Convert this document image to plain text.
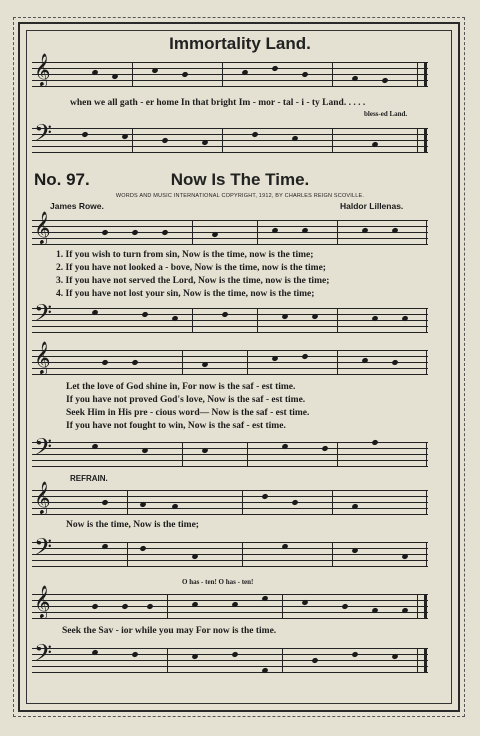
Immortality Land.
𝄞
when we all gath - er home In that bright Im - mor - tal - i - ty Land. . . . .
bless-ed Land.
𝄢
No. 97.	Now Is The Time.
WORDS AND MUSIC INTERNATIONAL COPYRIGHT, 1912, BY CHARLES REIGN SCOVILLE.
James Rowe.	Haldor Lillenas.
𝄞
1. If you wish to turn from sin, Now is the time, now is the time;
2. If you have not looked a - bove, Now is the time, now is the time;
3. If you have not served the Lord, Now is the time, now is the time;
4. If you have not lost your sin, Now is the time, now is the time;
𝄢
𝄞
Let the love of God shine in, For now is the saf - est time.
If you have not proved God's love, Now is the saf - est time.
Seek Him in His pre - cious word— Now is the saf - est time.
If you have not fought to win, Now is the saf - est time.
𝄢
REFRAIN.
𝄞
Now is the time, Now is the time;
𝄢
O has - ten! O has - ten!
𝄞
Seek the Sav - ior while you may For now is the time.
𝄢
